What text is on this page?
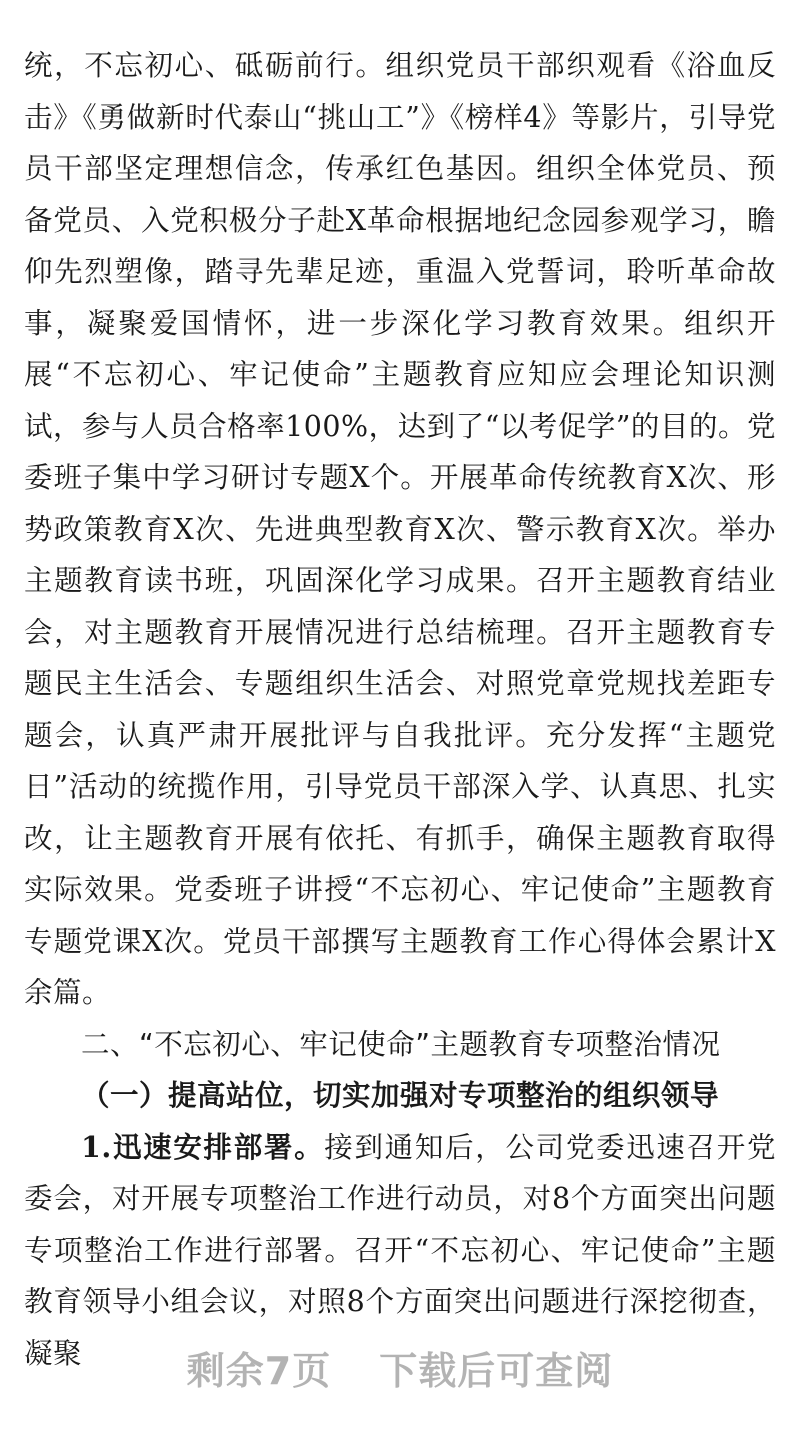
统，不忘初心、砥砺前行。组织党员干部织观看《浴血反击》《勇做新时代泰山“挑山工”》《榜样4》等影片，引导党员干部坚定理想信念，传承红色基因。组织全体党员、预备党员、入党积极分子赴X革命根据地纪念园参观学习，瞻仰先烈塑像，踏寻先辈足迹，重温入党誓词，聆听革命故事，凝聚爱国情怀，进一步深化学习教育效果。组织开展“不忘初心、牢记使命”主题教育应知应会理论知识测试，参与人员合格率100%，达到了“以考促学”的目的。党委班子集中学习研讨专题X个。开展革命传统教育X次、形势政策教育X次、先进典型教育X次、警示教育X次。举办主题教育读书班，巩固深化学习成果。召开主题教育结业会，对主题教育开展情况进行总结梳理。召开主题教育专题民主生活会、专题组织生活会、对照党章党规找差距专题会，认真严肃开展批评与自我批评。充分发挥“主题党日”活动的统揽作用，引导党员干部深入学、认真思、扎实改，让主题教育开展有依托、有抓手，确保主题教育取得实际效果。党委班子讲授“不忘初心、牢记使命”主题教育专题党课X次。党员干部撰写主题教育工作心得体会累计X余篇。

二、“不忘初心、牢记使命”主题教育专项整治情况

（一）提高站位，切实加强对专项整治的组织领导

1.迅速安排部署。接到通知后，公司党委迅速召开党委会，对开展专项整治工作进行动员，对8个方面突出问题专项整治工作进行部署。召开“不忘初心、牢记使命”主题教育领导小组会议，对照8个方面突出问题进行深挖彻查，凝聚	剩余7页 下载后可查阅
